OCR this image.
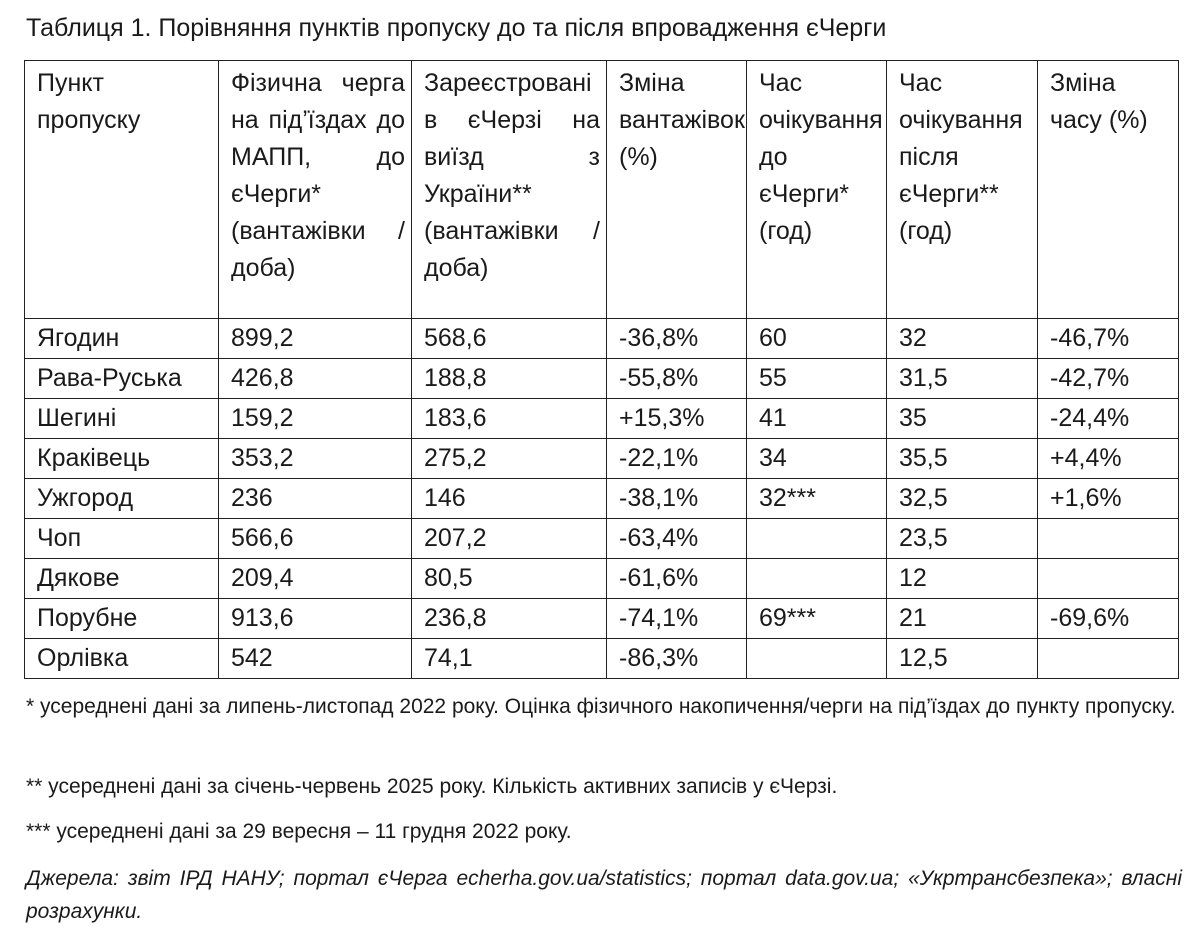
Таблиця 1. Порівняння пунктів пропуску до та після впровадження єЧерги
Пункт пропуску	Фізична черга на під’їздах до МАПП, до єЧерги* (вантажівки /доба)	Зареєстровані в єЧерзі на виїзд з України** (вантажівки /доба)	Зміна вантажівок (%)	Час очікування до єЧерги* (год)	Час очікування після єЧерги** (год)	Зміна часу (%)
Ягодин	899,2	568,6	-36,8%	60	32	-46,7%
Рава-Руська	426,8	188,8	-55,8%	55	31,5	-42,7%
Шегині	159,2	183,6	+15,3%	41	35	-24,4%
Краківець	353,2	275,2	-22,1%	34	35,5	+4,4%
Ужгород	236	146	-38,1%	32***	32,5	+1,6%
Чоп	566,6	207,2	-63,4%		23,5	
Дякове	209,4	80,5	-61,6%		12	
Порубне	913,6	236,8	-74,1%	69***	21	-69,6%
Орлівка	542	74,1	-86,3%		12,5	
* усереднені дані за липень-листопад 2022 року. Оцінка фізичного накопичення/черги на під’їздах до пункту пропуску.
** усереднені дані за січень-червень 2025 року. Кількість активних записів у єЧерзі.
*** усереднені дані за 29 вересня – 11 грудня 2022 року.
Джерела: звіт ІРД НАНУ; портал єЧерга echerha.gov.ua/statistics; портал data.gov.ua; «Укртрансбезпека»; власні розрахунки.
